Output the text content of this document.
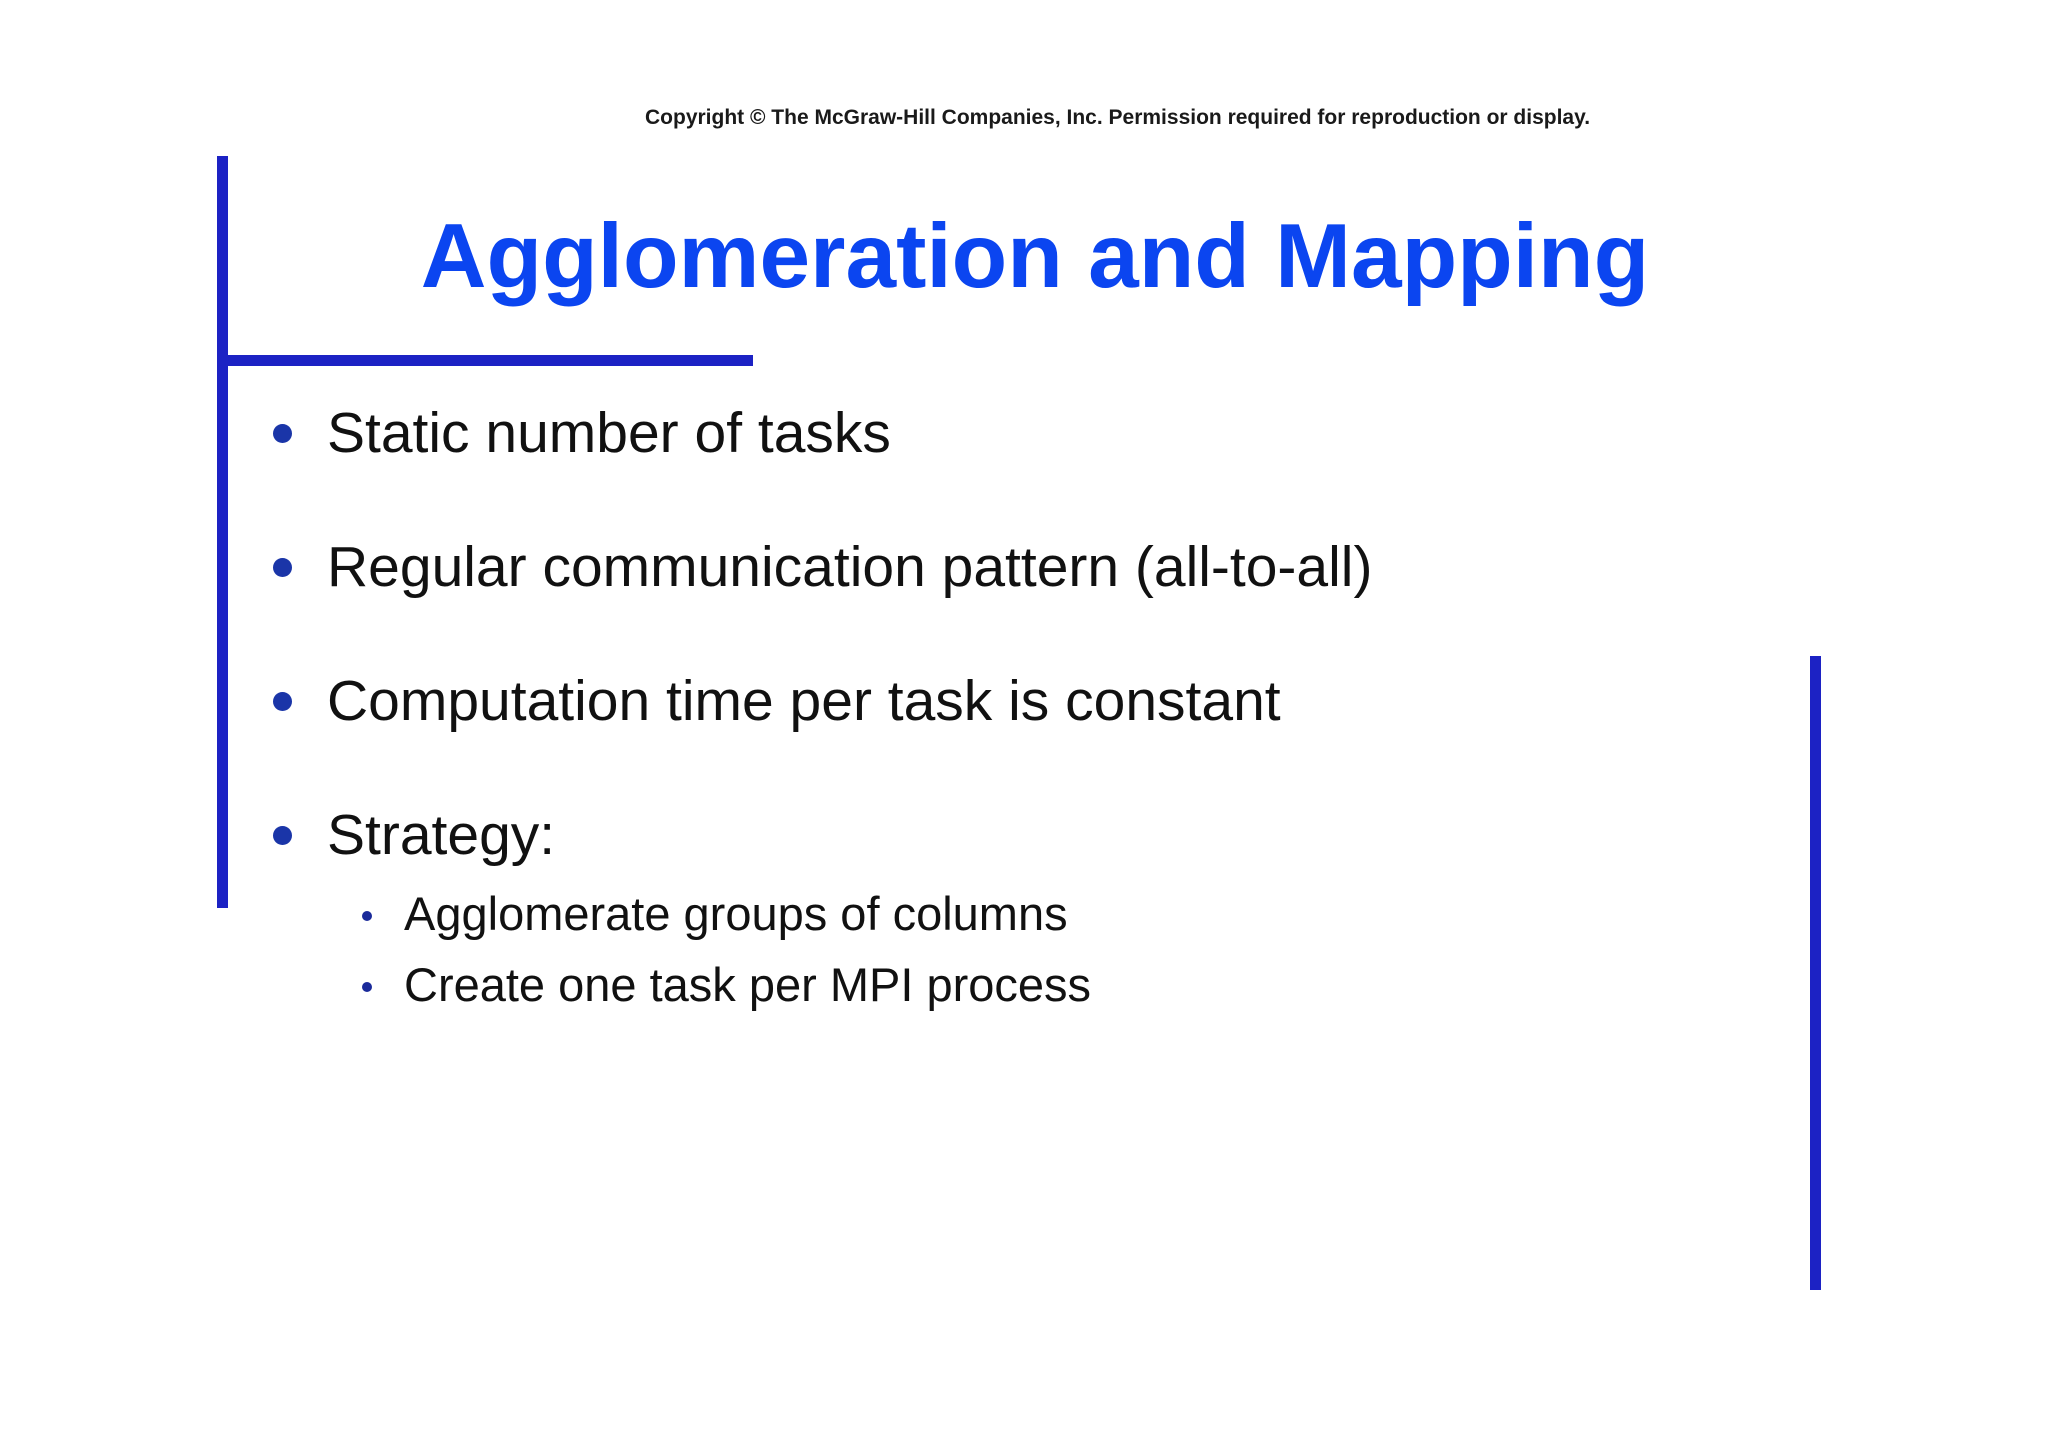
Copyright © The McGraw-Hill Companies, Inc. Permission required for reproduction or display.
Agglomeration and Mapping
Static number of tasks
Regular communication pattern (all-to-all)
Computation time per task is constant
Strategy:
Agglomerate groups of columns
Create one task per MPI process
